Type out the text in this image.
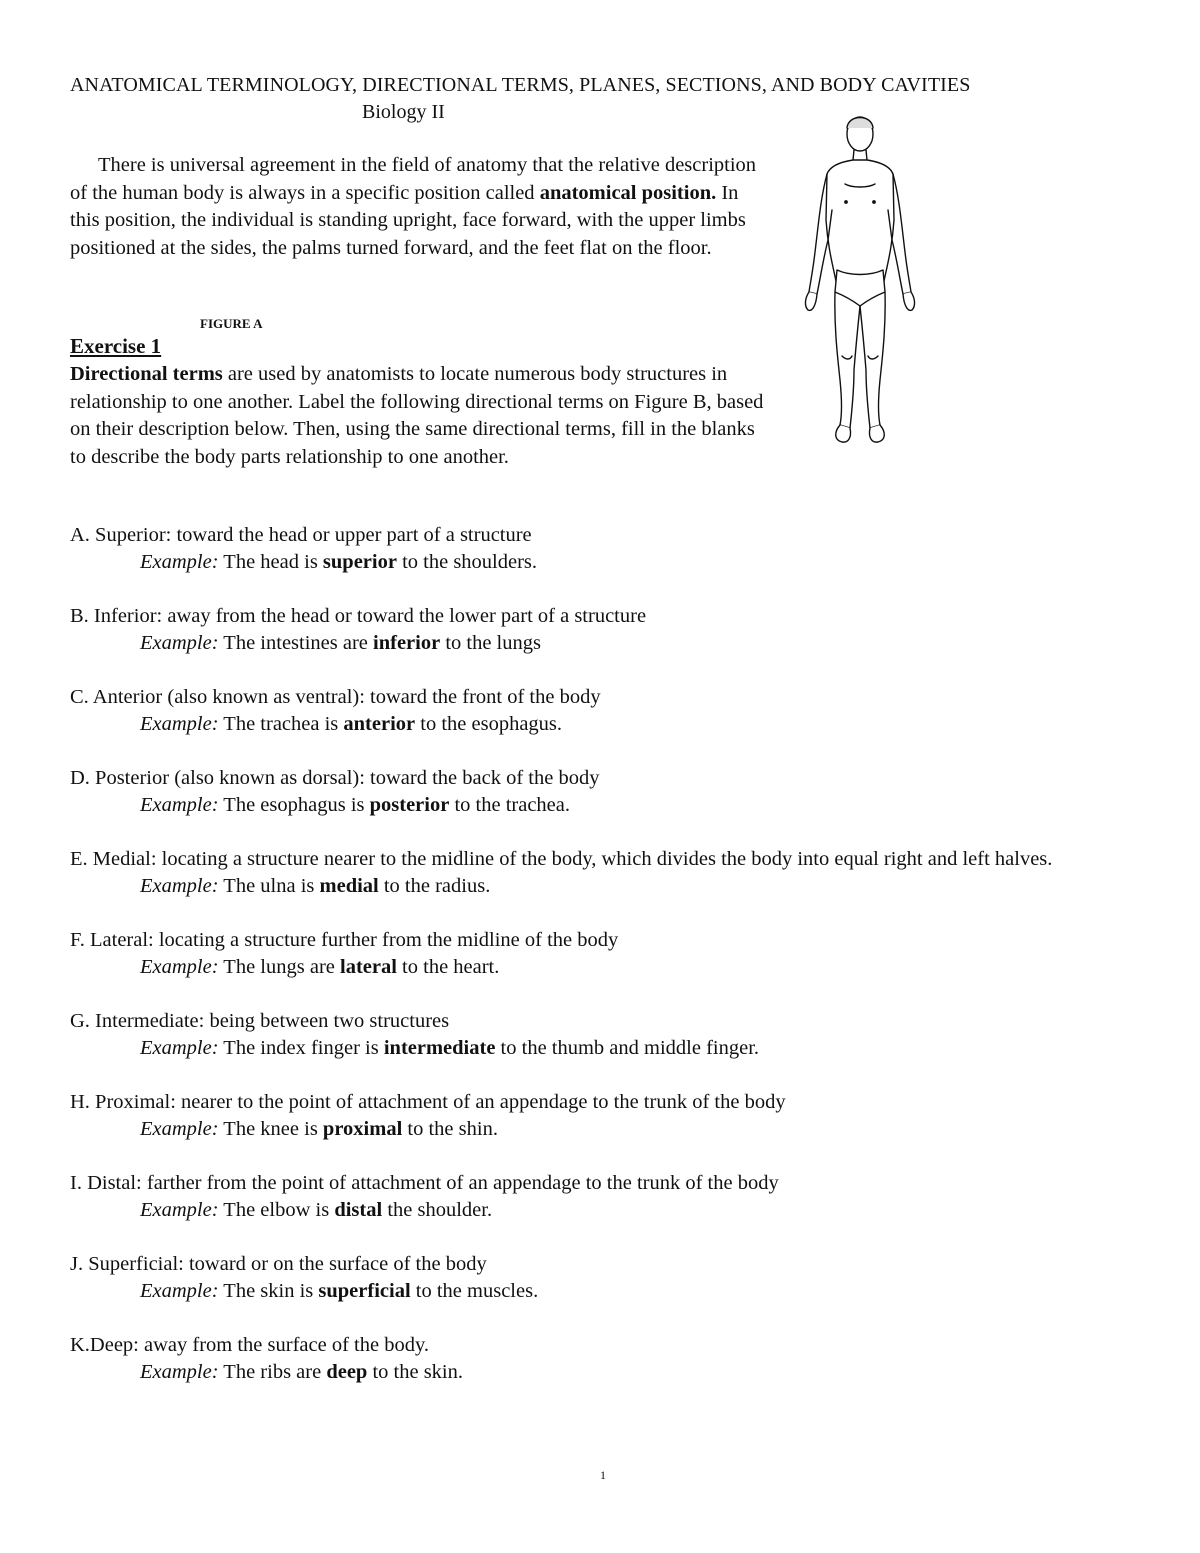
ANATOMICAL TERMINOLOGY, DIRECTIONAL TERMS, PLANES, SECTIONS, AND BODY CAVITIES
Biology II
There is universal agreement in the field of anatomy that the relative description of the human body is always in a specific position called anatomical position. In this position, the individual is standing upright, face forward, with the upper limbs positioned at the sides, the palms turned forward, and the feet flat on the floor.
FIGURE A
Exercise 1
Directional terms are used by anatomists to locate numerous body structures in relationship to one another. Label the following directional terms on Figure B, based on their description below. Then, using the same directional terms, fill in the blanks to describe the body parts relationship to one another.
A. Superior: toward the head or upper part of a structure
Example: The head is superior to the shoulders.
B. Inferior: away from the head or toward the lower part of a structure
Example: The intestines are inferior to the lungs
C. Anterior (also known as ventral): toward the front of the body
Example: The trachea is anterior to the esophagus.
D. Posterior (also known as dorsal): toward the back of the body
Example: The esophagus is posterior to the trachea.
E. Medial: locating a structure nearer to the midline of the body, which divides the body into equal right and left halves.
Example: The ulna is medial to the radius.
F. Lateral: locating a structure further from the midline of the body
Example: The lungs are lateral to the heart.
G. Intermediate: being between two structures
Example: The index finger is intermediate to the thumb and middle finger.
H. Proximal: nearer to the point of attachment of an appendage to the trunk of the body
Example: The knee is proximal to the shin.
I. Distal: farther from the point of attachment of an appendage to the trunk of the body
Example: The elbow is distal the shoulder.
J. Superficial: toward or on the surface of the body
Example: The skin is superficial to the muscles.
K.Deep: away from the surface of the body.
Example: The ribs are deep to the skin.
1
